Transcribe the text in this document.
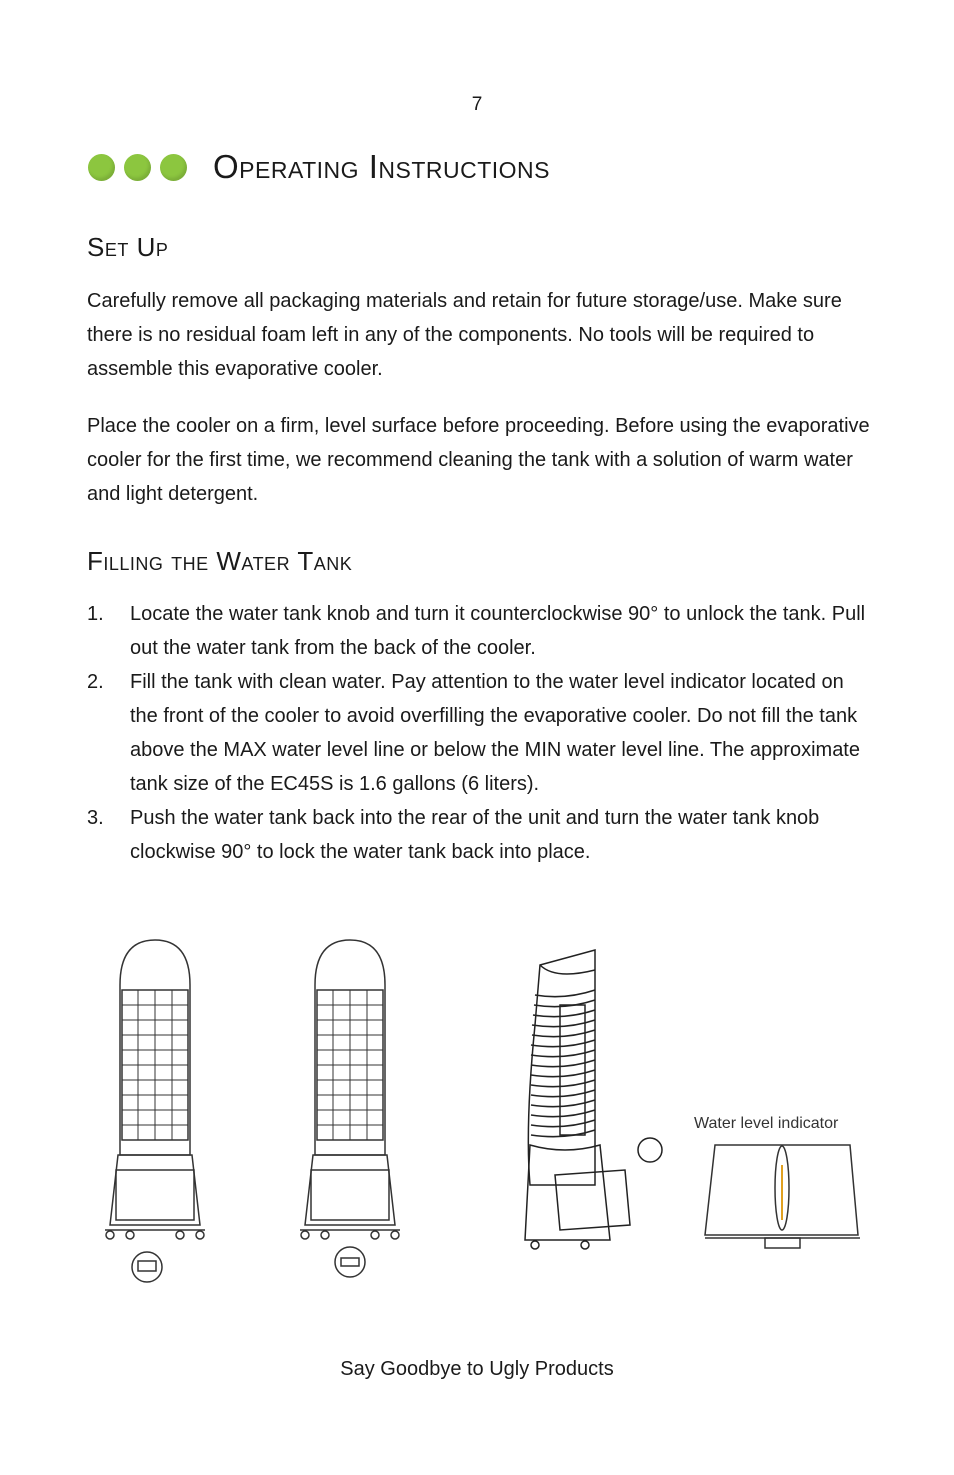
7
Operating Instructions
Set Up

Carefully remove all packaging materials and retain for future storage/use. Make sure there is no residual foam left in any of the components. No tools will be required to assemble this evaporative cooler.

Place the cooler on a firm, level surface before proceeding. Before using the evaporative cooler for the first time, we recommend cleaning the tank with a solution of warm water and light detergent.

Filling the Water Tank
1.	Locate the water tank knob and turn it counterclockwise 90° to unlock the tank. Pull out the water tank from the back of the cooler.
2.	Fill the tank with clean water. Pay attention to the water level indicator located on the front of the cooler to avoid overfilling the evaporative cooler. Do not fill the tank above the MAX water level line or below the MIN water level line. The approximate tank size of the EC45S is 1.6 gallons (6 liters).
3.	Push the water tank back into the rear of the unit and turn the water tank knob clockwise 90° to lock the water tank back into place.
Water level indicator
Say Goodbye to Ugly Products
